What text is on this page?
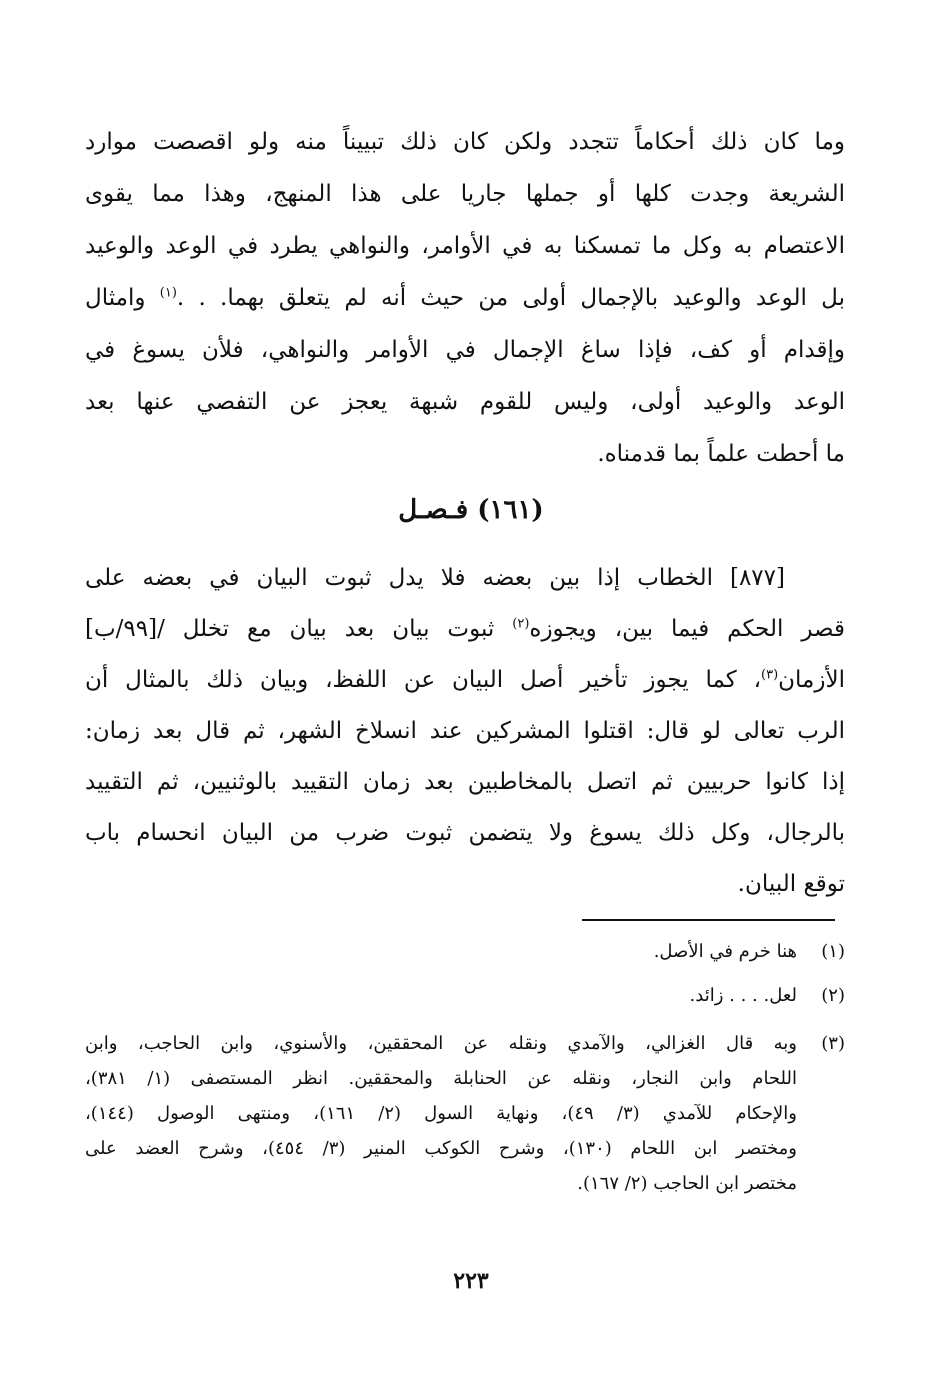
وما كان ذلك أحكاماً تتجدد ولكن كان ذلك تبييناً منه ولو اقصصت موارد
الشريعة وجدت كلها أو جملها جاريا على هذا المنهج، وهذا مما يقوى
الاعتصام به وكل ما تمسكنا به في الأوامر، والنواهي يطرد في الوعد والوعيد
بل الوعد والوعيد بالإجمال أولى من حيث أنه لم يتعلق بهما. . .$^{(١)}$ وامثال
وإقدام أو كف، فإذا ساغ الإجمال في الأوامر والنواهي، فلأن يسوغ في
الوعد والوعيد أولى، وليس للقوم شبهة يعجز عن التفصي عنها بعد
ما أحطت علماً بما قدمناه.
(١٦١) فـصـل
[٨٧٧] الخطاب إذا بين بعضه فلا يدل ثبوت البيان في بعضه على
قصر الحكم فيما بين، ويجوزه$^{(٢)}$ ثبوت بيان بعد بيان مع تخلل /[٩٩/ب]
الأزمان$^{(٣)}$، كما يجوز تأخير أصل البيان عن اللفظ، وبيان ذلك بالمثال أن
الرب تعالى لو قال: اقتلوا المشركين عند انسلاخ الشهر، ثم قال بعد زمان:
إذا كانوا حربيين ثم اتصل بالمخاطبين بعد زمان التقييد بالوثنيين، ثم التقييد
بالرجال، وكل ذلك يسوغ ولا يتضمن ثبوت ضرب من البيان انحسام باب
توقع البيان.
(١)
هنا خرم في الأصل.
(٢)
لعل. . . . زائد.
(٣)
وبه قال الغزالي، والآمدي ونقله عن المحققين، والأسنوي، وابن الحاجب، وابن
اللحام وابن النجار، ونقله عن الحنابلة والمحققين. انظر المستصفى (١/ ٣٨١)،
والإحكام للآمدي (٣/ ٤٩)، ونهاية السول (٢/ ١٦١)، ومنتهى الوصول (١٤٤)،
ومختصر ابن اللحام (١٣٠)، وشرح الكوكب المنير (٣/ ٤٥٤)، وشرح العضد على
مختصر ابن الحاجب (٢/ ١٦٧).
٢٢٣
